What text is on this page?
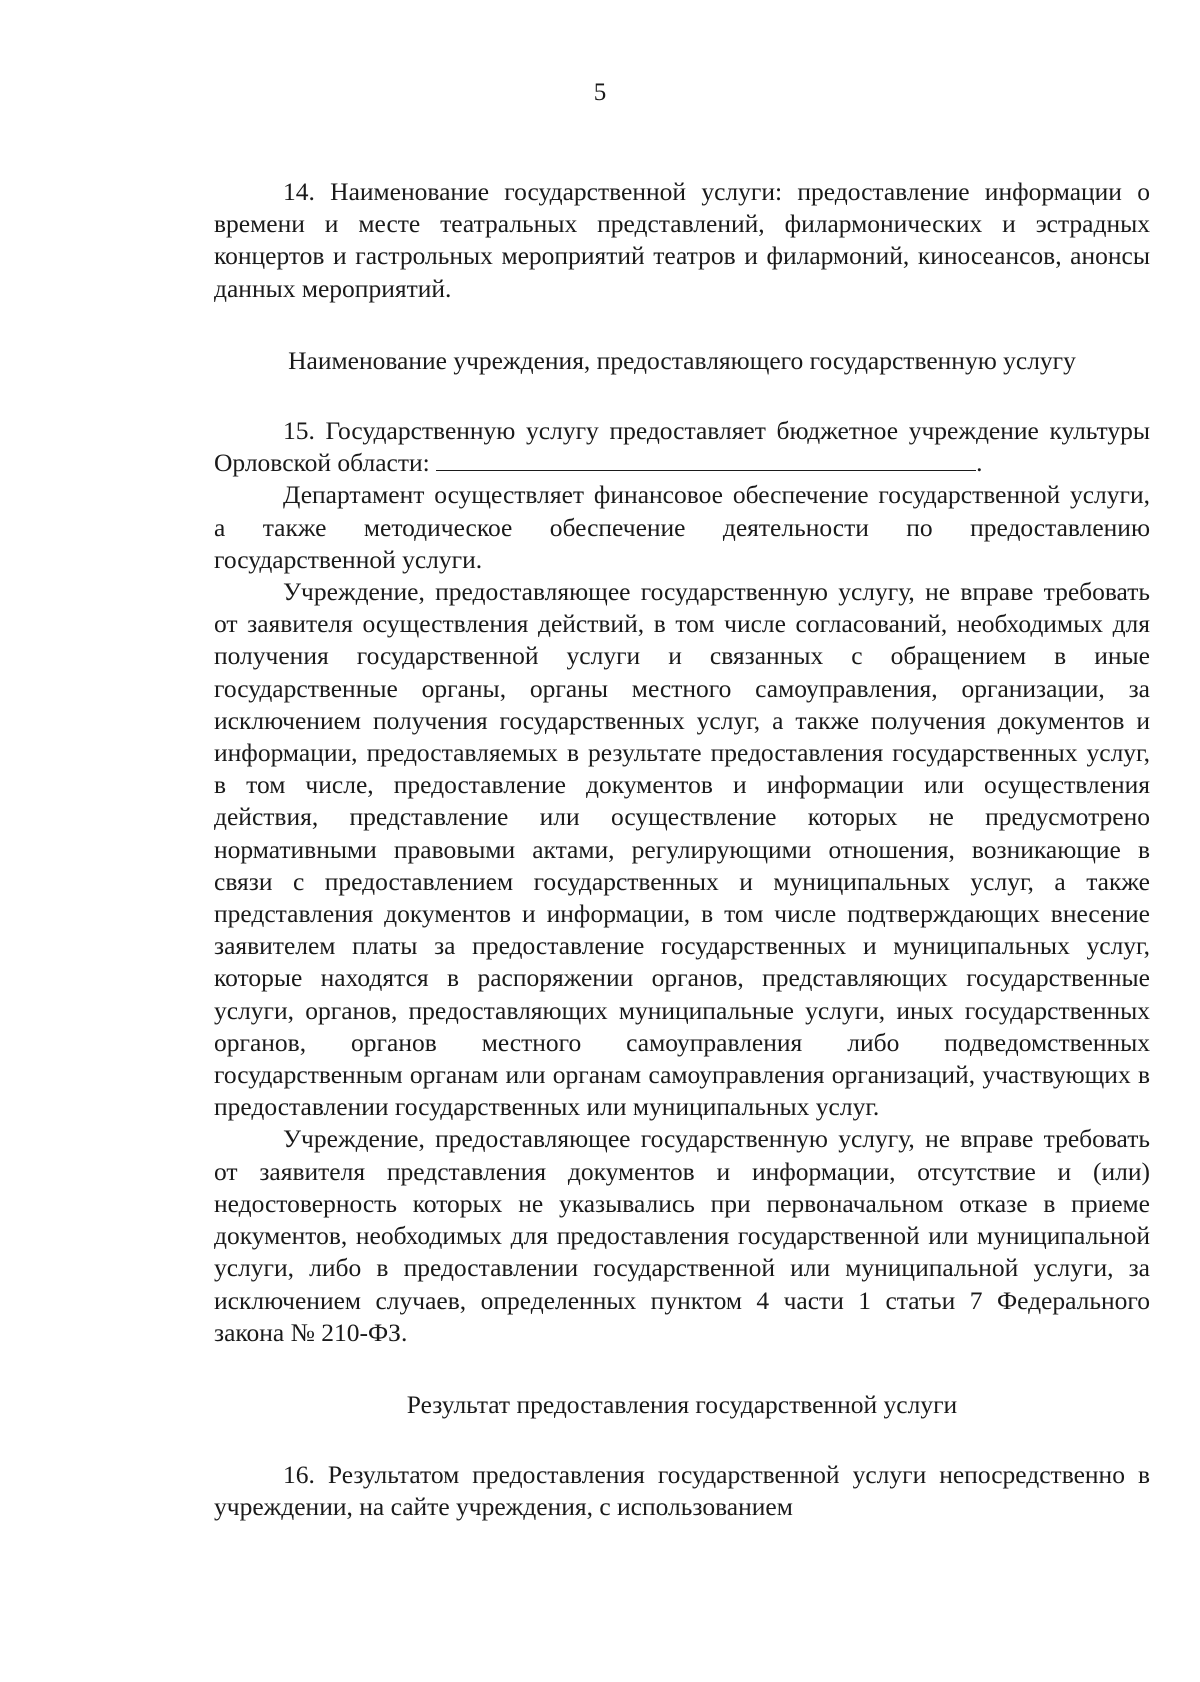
5

14. Наименование государственной услуги: предоставление информации о времени и месте театральных представлений, филармонических и эстрадных концертов и гастрольных мероприятий театров и филармоний, киносеансов, анонсы данных мероприятий.

Наименование учреждения, предоставляющего государственную услугу

15. Государственную услугу предоставляет бюджетное учреждение культуры Орловской области:	.

Департамент осуществляет финансовое обеспечение государственной услуги, а также методическое обеспечение деятельности по предоставлению государственной услуги.

Учреждение, предоставляющее государственную услугу, не вправе требовать от заявителя осуществления действий, в том числе согласований, необходимых для получения государственной услуги и связанных с обращением в иные государственные органы, органы местного самоуправления, организации, за исключением получения государственных услуг, а также получения документов и информации, предоставляемых в результате предоставления государственных услуг, в том числе, предоставление документов и информации или осуществления действия, представление или осуществление которых не предусмотрено нормативными правовыми актами, регулирующими отношения, возникающие в связи с предоставлением государственных и муниципальных услуг, а также представления документов и информации, в том числе подтверждающих внесение заявителем платы за предоставление государственных и муниципальных услуг, которые находятся в распоряжении органов, представляющих государственные услуги, органов, предоставляющих муниципальные услуги, иных государственных органов, органов местного самоуправления либо подведомственных государственным органам или органам самоуправления организаций, участвующих в предоставлении государственных или муниципальных услуг.

Учреждение, предоставляющее государственную услугу, не вправе требовать от заявителя представления документов и информации, отсутствие и (или) недостоверность которых не указывались при первоначальном отказе в приеме документов, необходимых для предоставления государственной или муниципальной услуги, либо в предоставлении государственной или муниципальной услуги, за исключением случаев, определенных пунктом 4 части 1 статьи 7 Федерального закона № 210-ФЗ.

Результат предоставления государственной услуги

16. Результатом предоставления государственной услуги непосредственно в учреждении, на сайте учреждения, с использованием
